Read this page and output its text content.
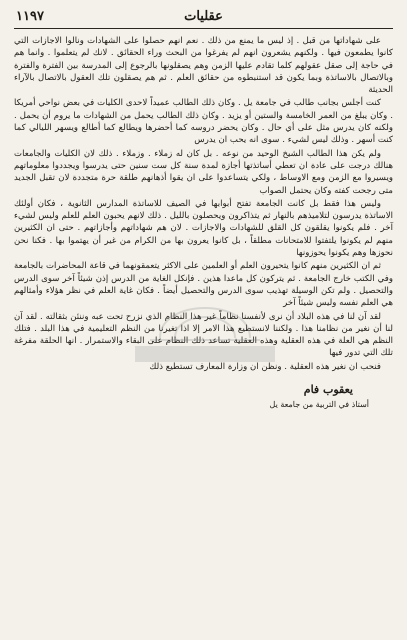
عقليات
١١٩٧

على شهاداتها من قبل . إذ ليس ما يمنع من ذلك . نعم انهم حصلوا على الشهادات ونالوا الاجازات التي كانوا يطمعون فيها . ولكنهم يشعرون انهم لم يفرغوا من البحث وراء الحقائق . لانك لم يتعلموا . وانما هم في حاجة إلى صقل عقولهم كلما تقادم عليها الزمن وهم يصقلونها بالرجوع إلى المدرسة بين الفترة والفترة وبالاتصال بالاساتذة وبما يكون قد استنبطوه من حقائق العلم . ثم هم يصقلون تلك العقول بالاتصال بالآراء الحديثة

كنت أجلس بجانب طالب في جامعة يل . وكان ذلك الطالب عميداً لاحدى الكليات في بعض نواحي أمريكا . وكان يبلغ من العمر الخامسة والستين أو يزيد . وكان ذلك الطالب يحمل من الشهادات ما يروم أن يحمل . ولكنه كان يدرس مثل على أي حال . وكان يحضر دروسه كما أحضرها ويطالع كما أطالع ويسهر الليالي كما كنت أسهر . وذلك ليس لشيء . سوى انه يحب ان يدرس

ولم يكن هذا الطالب الشيخ الوحيد من نوعه . بل كان له زملاء . وزملاء . ذلك لان الكليات والجامعات هنالك درجت على عادة ان تعطي أساتذتها أجازة لمدة سنة كل ست سنين حتى يدرسوا ويجددوا معلوماتهم ويسيروا مع الزمن ومع الاوساط ، ولكي يتساعدوا على ان يقوا أذهانهم طلقة حرة متجددة لان تقبل الجديد متى رجحت كفته وكان يحتمل الصواب

وليس هذا فقط بل كانت الجامعة تفتح أبوابها في الصيف للاساتذة المدارس الثانوية ، فكان أولئك الاساتذة يدرسون لتلاميذهم بالنهار ثم يتذاكرون ويحصلون بالليل . ذلك لانهم يحبون العلم للعلم وليس لشيء آخر . فلم يكونوا يقلقون كل القلق للشهادات والاجازات . لان هم شهاداتهم وأجازاتهم . حتى ان الكثيرين منهم لم يكونوا يلتفتوا للامتحانات مطلقاً ، بل كانوا يعرون بها من الكرام من غير أن يهتموا بها . فكنا نحن نحوزها وهم يكونوا يحوزونها

ثم ان الكثيرين منهم كانوا يتحيرون العلم أو العلمين على الاكثر يتعمقونهما في قاعة المحاضرات بالجامعة وفي الكتب خارج الجامعة . ثم يتركون كل ماعدا هذين . فإنكل الغاية من الدرس إذن شيئاً آخر سوى الدرس والتحصيل . ولم تكن الوسيلة تهذيب سوى الدرس والتحصيل أيضاً . فكان غاية العلم في نظر هؤلاء وأمثالهم هي العلم نفسه وليس شيئاً آخر

لقد آن لنا في هذه البلاد أن نرى لأنفسنا نظاماً غير هذا النظام الذي نزرح تحت عبه وننئن بثقالته . لقد آن لنا أن نغير من نظامنا هذا . ولكننا لانستطيع هذا الامر إلا اذا تغيرنا من النظم التعليمية في هذا البلد . فتلك النظم هي العلة في هذه العقلية وهذه العقلية تساعد ذلك النظام على البقاء والاستمرار . انها الحلقة مفرغة تلك التي تدور فيها

فنحب ان نغير هذه العقلية . ونظن ان وزارة المعارف تستطيع ذلك

يعقوب فام
أستاذ في التربية من جامعة يل
